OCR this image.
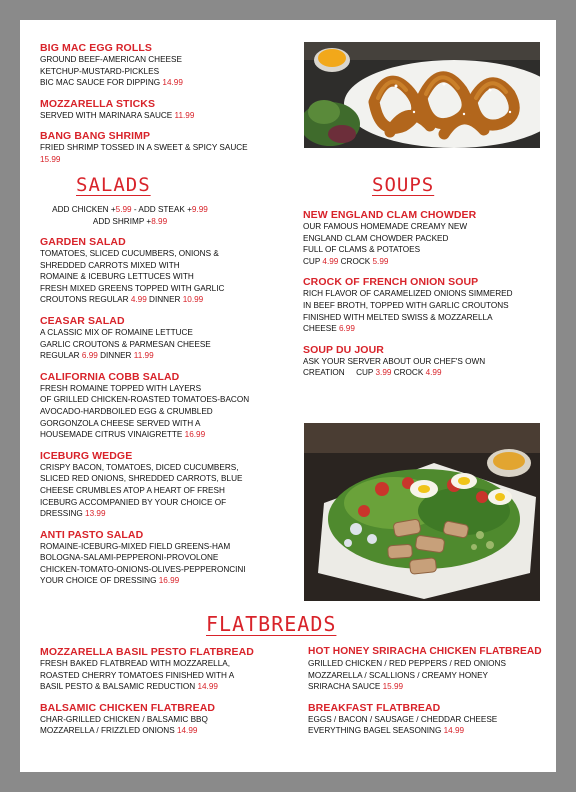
BIG MAC EGG ROLLS
GROUND BEEF-AMERICAN CHEESE
KETCHUP-MUSTARD-PICKLES
BIC MAC SAUCE FOR DIPPING 14.99
MOZZARELLA STICKS
SERVED WITH MARINARA SAUCE 11.99
BANG BANG SHRIMP
FRIED SHRIMP TOSSED IN A SWEET & SPICY SAUCE
15.99
SALADS	SOUPS
ADD CHICKEN +5.99 - ADD STEAK +9.99
ADD SHRIMP +8.99
GARDEN SALAD
TOMATOES, SLICED CUCUMBERS, ONIONS &
SHREDDED CARROTS MIXED WITH
ROMAINE & ICEBURG LETTUCES WITH
FRESH MIXED GREENS TOPPED WITH GARLIC
CROUTONS REGULAR 4.99 DINNER 10.99
CEASAR SALAD
A CLASSIC MIX OF ROMAINE LETTUCE
GARLIC CROUTONS & PARMESAN CHEESE
REGULAR 6.99 DINNER 11.99
CALIFORNIA COBB SALAD
FRESH ROMAINE TOPPED WITH LAYERS
OF GRILLED CHICKEN-ROASTED TOMATOES-BACON
AVOCADO-HARDBOILED EGG & CRUMBLED
GORGONZOLA CHEESE SERVED WITH A
HOUSEMADE CITRUS VINAIGRETTE 16.99
ICEBURG WEDGE
CRISPY BACON, TOMATOES, DICED CUCUMBERS,
SLICED RED ONIONS, SHREDDED CARROTS, BLUE
CHEESE CRUMBLES ATOP A HEART OF FRESH
ICEBURG ACCOMPANIED BY YOUR CHOICE OF
DRESSING 13.99
ANTI PASTO SALAD
ROMAINE-ICEBURG-MIXED FIELD GREENS-HAM
BOLOGNA-SALAMI-PEPPERONI-PROVOLONE
CHICKEN-TOMATO-ONIONS-OLIVES-PEPPERONCINI
YOUR CHOICE OF DRESSING 16.99
NEW ENGLAND CLAM CHOWDER
OUR FAMOUS HOMEMADE CREAMY NEW
ENGLAND CLAM CHOWDER PACKED
FULL OF CLAMS & POTATOES
CUP 4.99 CROCK 5.99
CROCK OF FRENCH ONION SOUP
RICH FLAVOR OF CARAMELIZED ONIONS SIMMERED
IN BEEF BROTH, TOPPED WITH GARLIC CROUTONS
FINISHED WITH MELTED SWISS & MOZZARELLA
CHEESE 6.99
SOUP DU JOUR
ASK YOUR SERVER ABOUT OUR CHEF'S OWN
CREATION     CUP 3.99 CROCK 4.99
FLATBREADS
MOZZARELLA BASIL PESTO FLATBREAD
FRESH BAKED FLATBREAD WITH MOZZARELLA,
ROASTED CHERRY TOMATOES FINISHED WITH A
BASIL PESTO & BALSAMIC REDUCTION 14.99
BALSAMIC CHICKEN FLATBREAD
CHAR-GRILLED CHICKEN / BALSAMIC BBQ
MOZZARELLA / FRIZZLED ONIONS 14.99
HOT HONEY SRIRACHA CHICKEN FLATBREAD
GRILLED CHICKEN / RED PEPPERS / RED ONIONS
MOZZARELLA / SCALLIONS / CREAMY HONEY
SRIRACHA SAUCE 15.99
BREAKFAST FLATBREAD
EGGS / BACON / SAUSAGE / CHEDDAR CHEESE
EVERYTHING BAGEL SEASONING 14.99
